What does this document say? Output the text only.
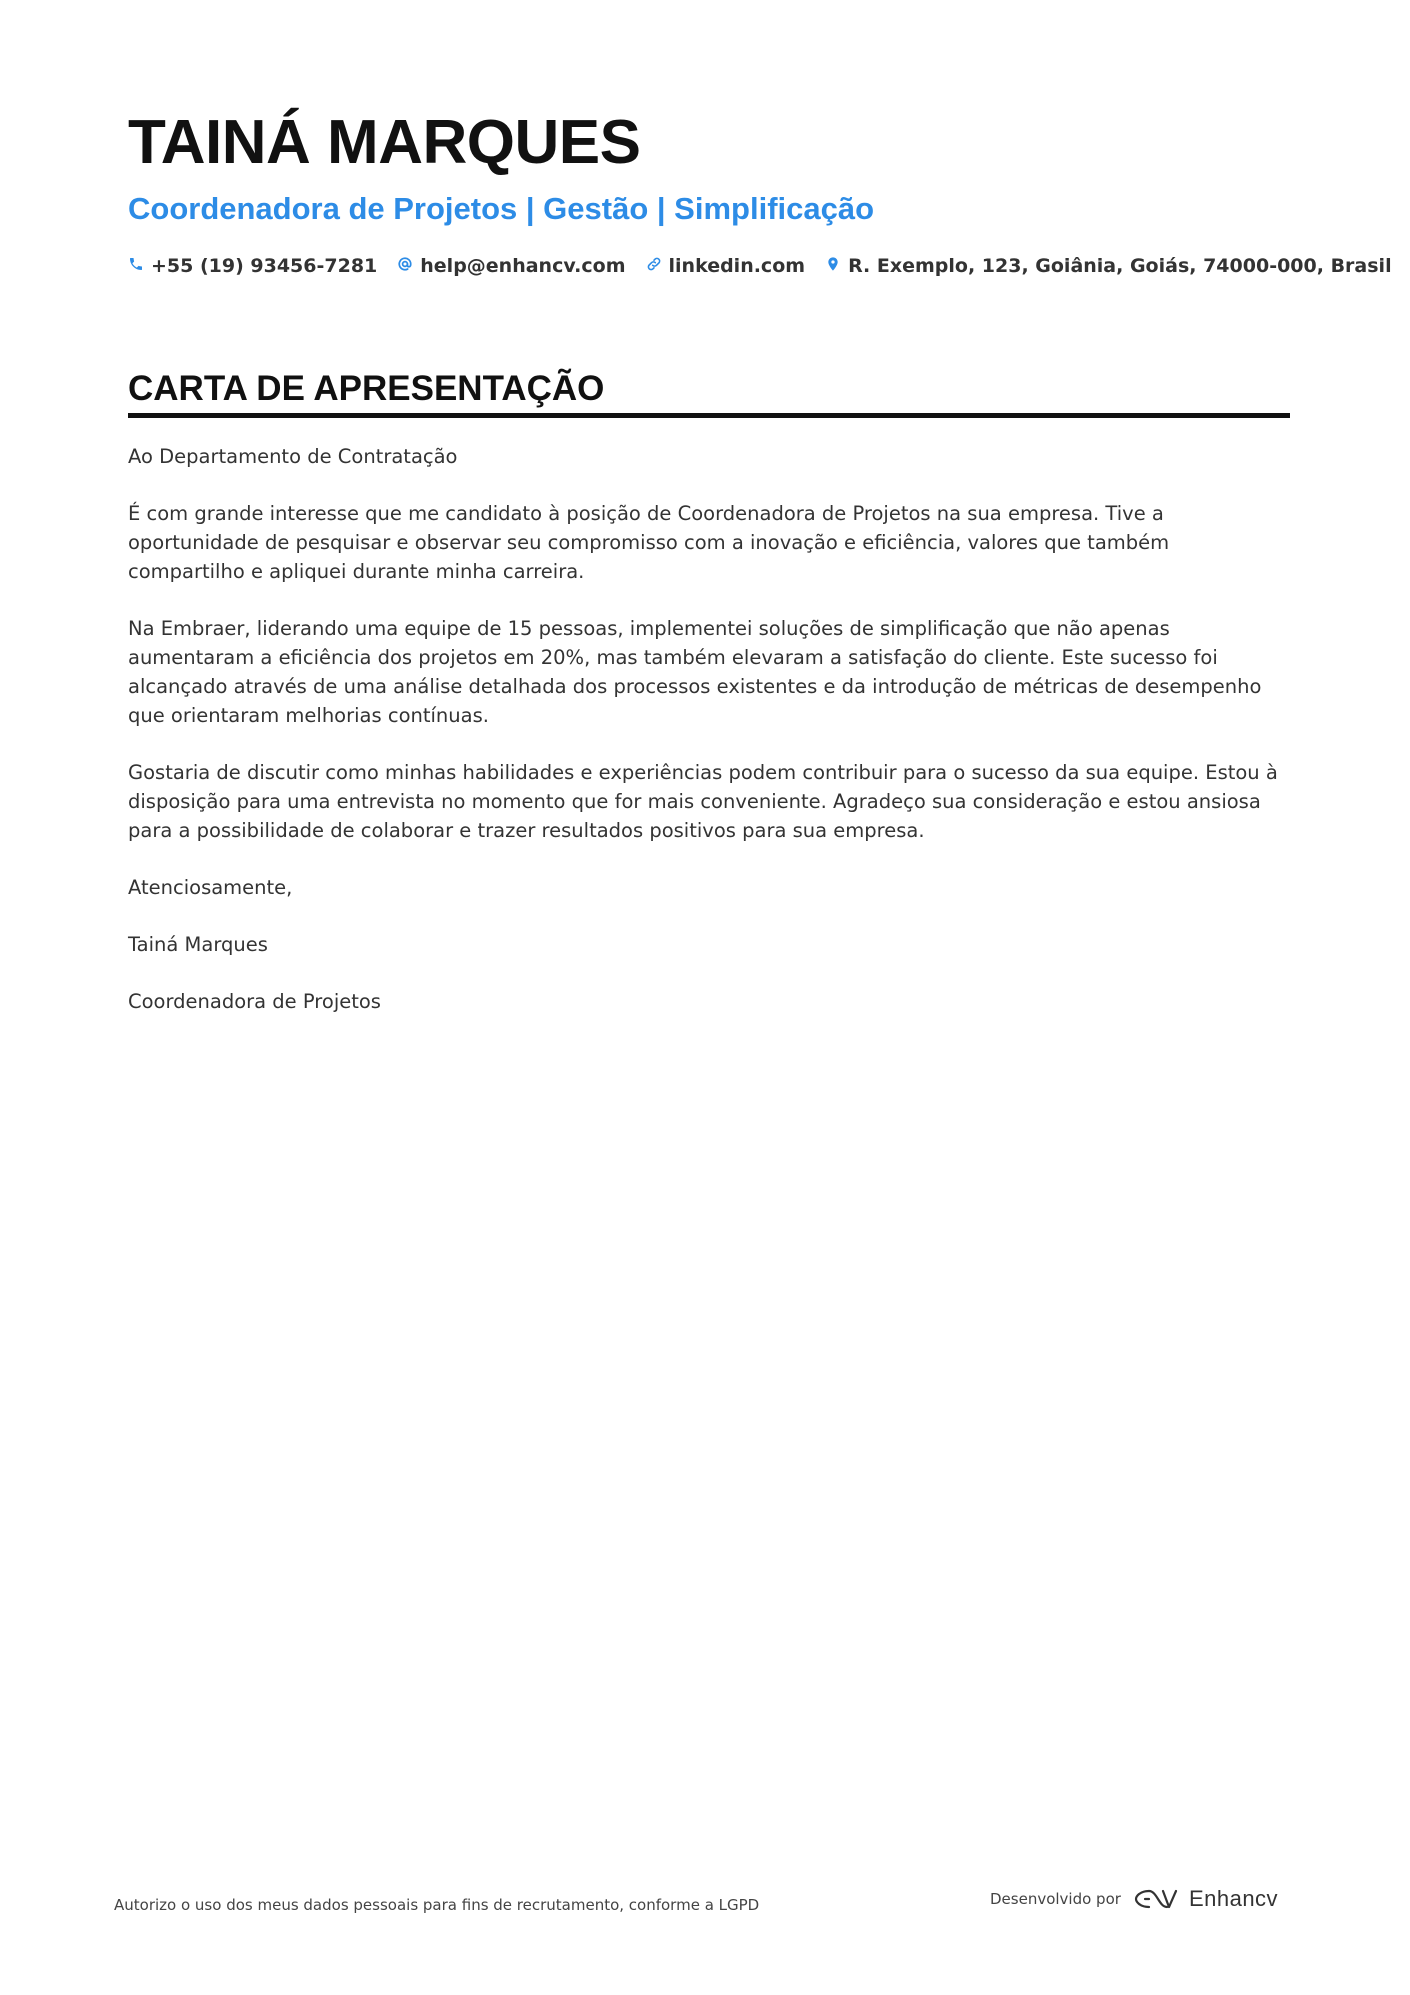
TAINÁ MARQUES
Coordenadora de Projetos | Gestão | Simplificação
+55 (19) 93456-7281 help@enhancv.com linkedin.com R. Exemplo, 123, Goiânia, Goiás, 74000-000, Brasil
CARTA DE APRESENTAÇÃO

Ao Departamento de Contratação

É com grande interesse que me candidato à posição de Coordenadora de Projetos na sua empresa. Tive a oportunidade de pesquisar e observar seu compromisso com a inovação e eficiência, valores que também compartilho e apliquei durante minha carreira.

Na Embraer, liderando uma equipe de 15 pessoas, implementei soluções de simplificação que não apenas aumentaram a eficiência dos projetos em 20%, mas também elevaram a satisfação do cliente. Este sucesso foi alcançado através de uma análise detalhada dos processos existentes e da introdução de métricas de desempenho que orientaram melhorias contínuas.

Gostaria de discutir como minhas habilidades e experiências podem contribuir para o sucesso da sua equipe. Estou à disposição para uma entrevista no momento que for mais conveniente. Agradeço sua consideração e estou ansiosa para a possibilidade de colaborar e trazer resultados positivos para sua empresa.

Atenciosamente,

Tainá Marques

Coordenadora de Projetos

Autorizo o uso dos meus dados pessoais para fins de recrutamento, conforme a LGPD	Desenvolvido por	Enhancv
